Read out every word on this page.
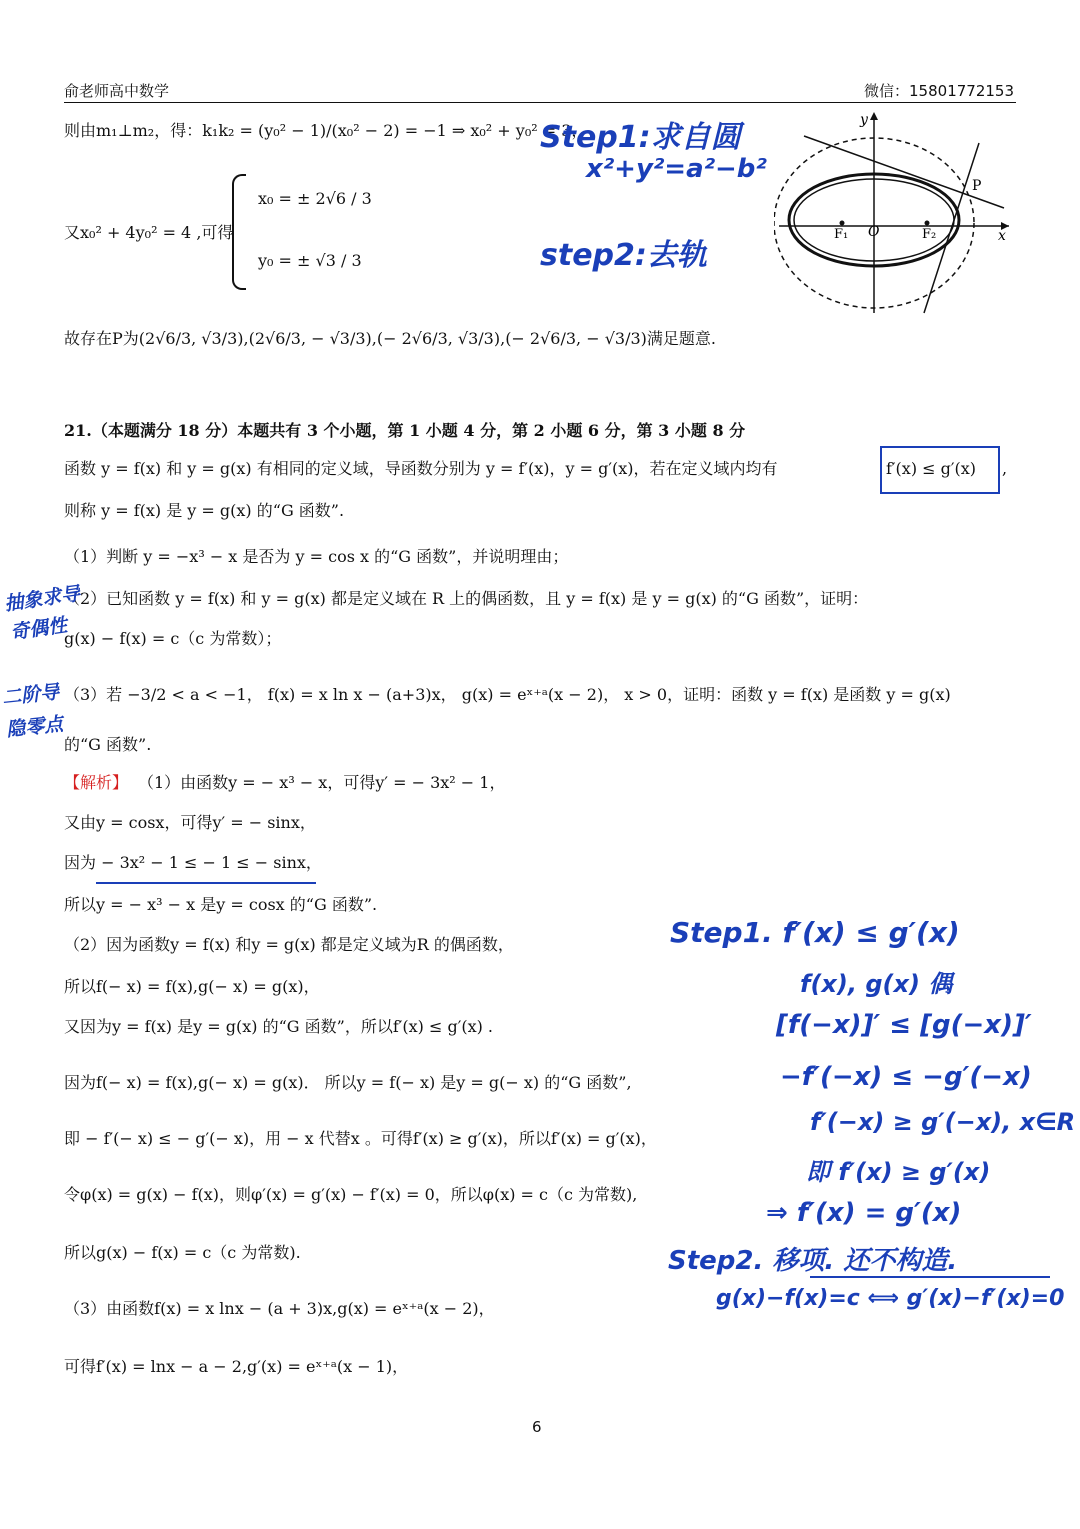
俞老师高中数学	微信：15801772153
则由m₁⊥m₂，得：k₁k₂ = (y₀² − 1)/(x₀² − 2) = −1 ⇒ x₀² + y₀² = 3，
又x₀² + 4y₀² = 4 ,可得
x₀ = ± 2√6 / 3
y₀ = ± √3 / 3
故存在P为(2√6/3, √3/3),(2√6/3, − √3/3),(− 2√6/3, √3/3),(− 2√6/3, − √3/3)满足题意.
y
x
P
O
F₁	F₂
21.（本题满分 18 分）本题共有 3 个小题，第 1 小题 4 分，第 2 小题 6 分，第 3 小题 8 分
函数 y = f(x) 和 y = g(x) 有相同的定义域，导函数分别为 y = f′(x)，y = g′(x)，若在定义域内均有	f′(x) ≤ g′(x) ,
则称 y = f(x) 是 y = g(x) 的“G 函数”.
（1）判断 y = −x³ − x 是否为 y = cos x 的“G 函数”，并说明理由；
（2）已知函数 y = f(x) 和 y = g(x) 都是定义域在 R 上的偶函数，且 y = f(x) 是 y = g(x) 的“G 函数”，证明：
g(x) − f(x) = c（c 为常数）；
（3）若 −3/2 < a < −1， f(x) = x ln x − (a+3)x， g(x) = eˣ⁺ᵃ(x − 2)， x > 0，证明：函数 y = f(x) 是函数 y = g(x)
的“G 函数”.
【解析】 （1）由函数y = − x³ − x，可得y′ = − 3x² − 1，
又由y = cosx，可得y′ = − sinx，
因为 − 3x² − 1 ≤ − 1 ≤ − sinx，
所以y = − x³ − x 是y = cosx 的“G 函数”.
（2）因为函数y = f(x) 和y = g(x) 都是定义域为R 的偶函数，
所以f(− x) = f(x),g(− x) = g(x)，
又因为y = f(x) 是y = g(x) 的“G 函数”，所以f′(x) ≤ g′(x) .
因为f(− x) = f(x),g(− x) = g(x)． 所以y = f(− x) 是y = g(− x) 的“G 函数”,
即 − f′(− x) ≤ − g′(− x)，用 − x 代替x 。可得f′(x) ≥ g′(x)，所以f′(x) = g′(x)，
令φ(x) = g(x) − f(x)，则φ′(x) = g′(x) − f′(x) = 0，所以φ(x) = c（c 为常数),
所以g(x) − f(x) = c（c 为常数).
（3）由函数f(x) = x lnx − (a + 3)x,g(x) = eˣ⁺ᵃ(x − 2)，
可得f′(x) = lnx − a − 2,g′(x) = eˣ⁺ᵃ(x − 1)，
6
Step1:求自圆
x²+y²=a²−b²
step2:去轨
抽象求导
奇偶性
二阶导
隐零点
Step1. f′(x) ≤ g′(x)
f(x), g(x) 偶
[f(−x)]′ ≤ [g(−x)]′
−f′(−x) ≤ −g′(−x)
f′(−x) ≥ g′(−x), x∈R
即 f′(x) ≥ g′(x)
⇒ f′(x) = g′(x)
Step2. 移项. 还不构造.
g(x)−f(x)=c ⟺ g′(x)−f′(x)=0
